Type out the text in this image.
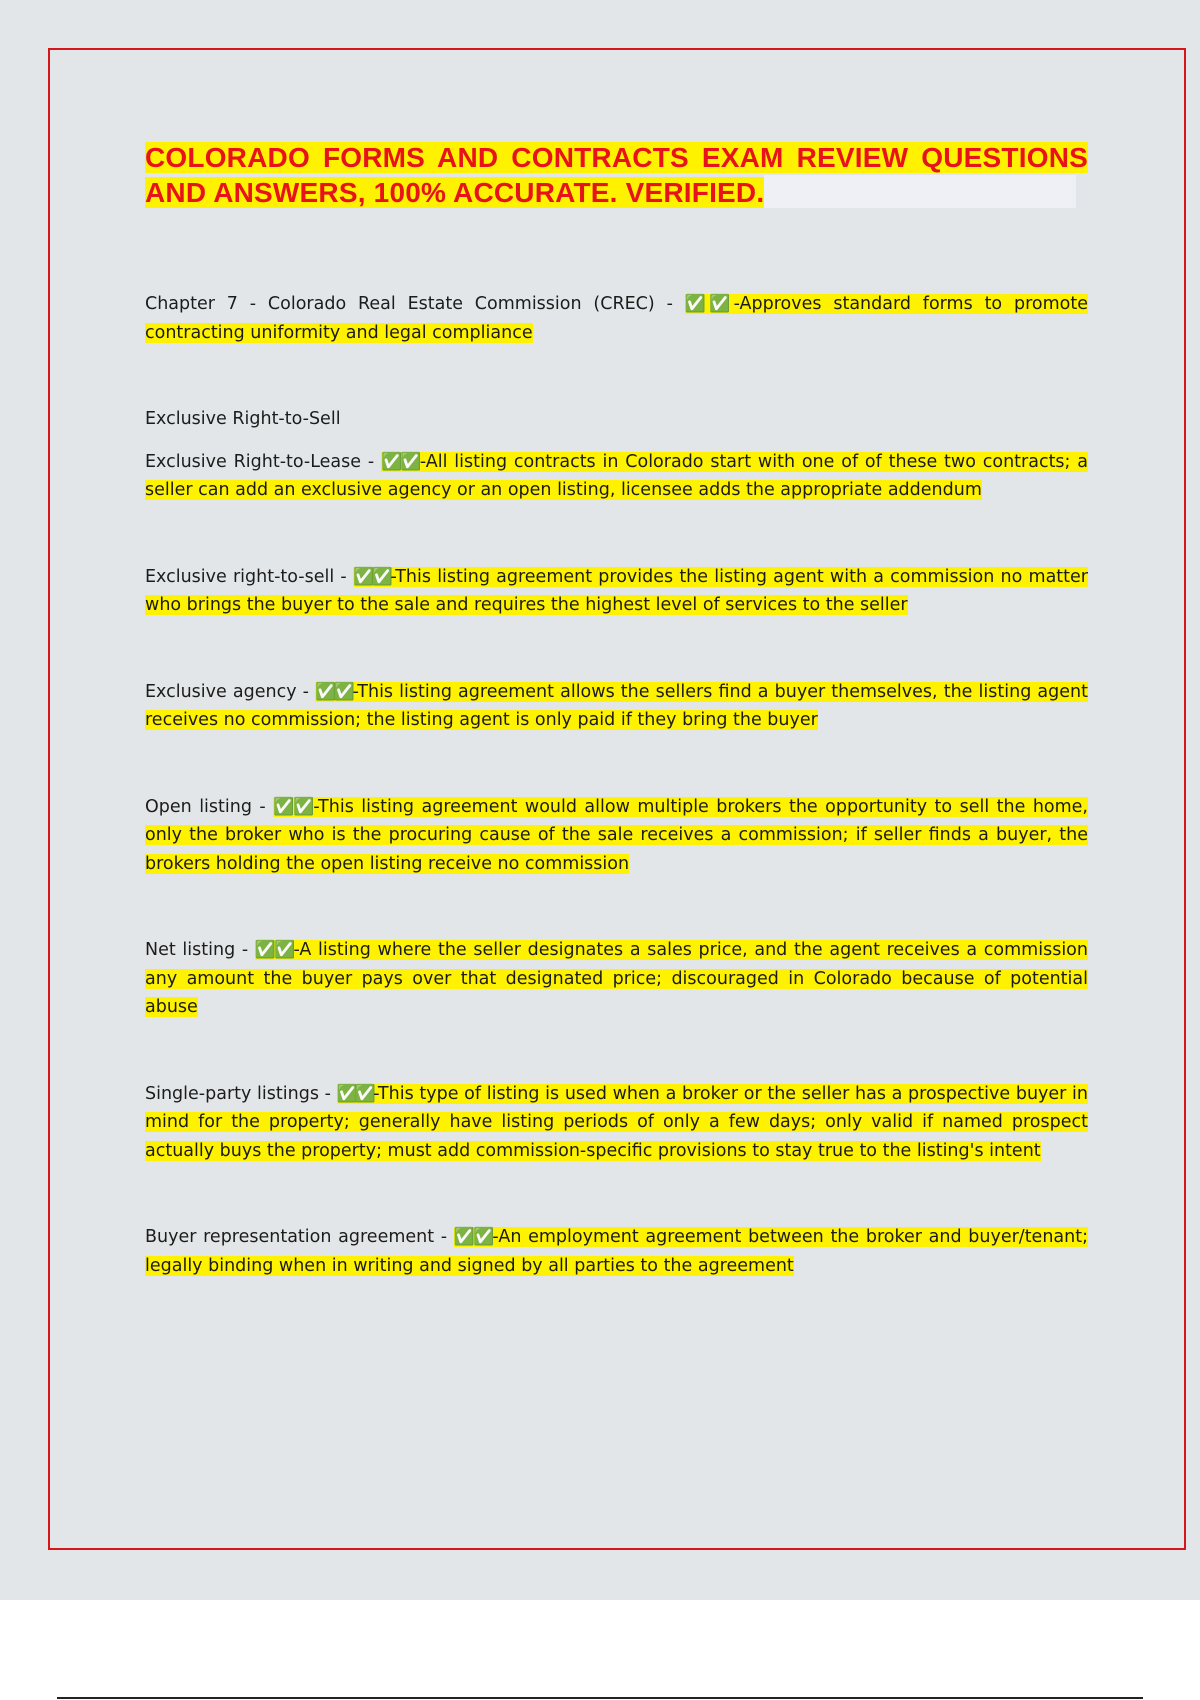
COLORADO FORMS AND CONTRACTS EXAM REVIEW QUESTIONS AND ANSWERS, 100% ACCURATE. VERIFIED.

Chapter 7 - Colorado Real Estate Commission (CREC) - ✅✅-Approves standard forms to promote contracting uniformity and legal compliance

Exclusive Right-to-Sell

Exclusive Right-to-Lease - ✅✅-All listing contracts in Colorado start with one of of these two contracts; a seller can add an exclusive agency or an open listing, licensee adds the appropriate addendum

Exclusive right-to-sell - ✅✅-This listing agreement provides the listing agent with a commission no matter who brings the buyer to the sale and requires the highest level of services to the seller

Exclusive agency - ✅✅-This listing agreement allows the sellers find a buyer themselves, the listing agent receives no commission; the listing agent is only paid if they bring the buyer

Open listing - ✅✅-This listing agreement would allow multiple brokers the opportunity to sell the home, only the broker who is the procuring cause of the sale receives a commission; if seller finds a buyer, the brokers holding the open listing receive no commission

Net listing - ✅✅-A listing where the seller designates a sales price, and the agent receives a commission any amount the buyer pays over that designated price; discouraged in Colorado because of potential abuse

Single-party listings - ✅✅-This type of listing is used when a broker or the seller has a prospective buyer in mind for the property; generally have listing periods of only a few days; only valid if named prospect actually buys the property; must add commission-specific provisions to stay true to the listing's intent

Buyer representation agreement - ✅✅-An employment agreement between the broker and buyer/tenant; legally binding when in writing and signed by all parties to the agreement
